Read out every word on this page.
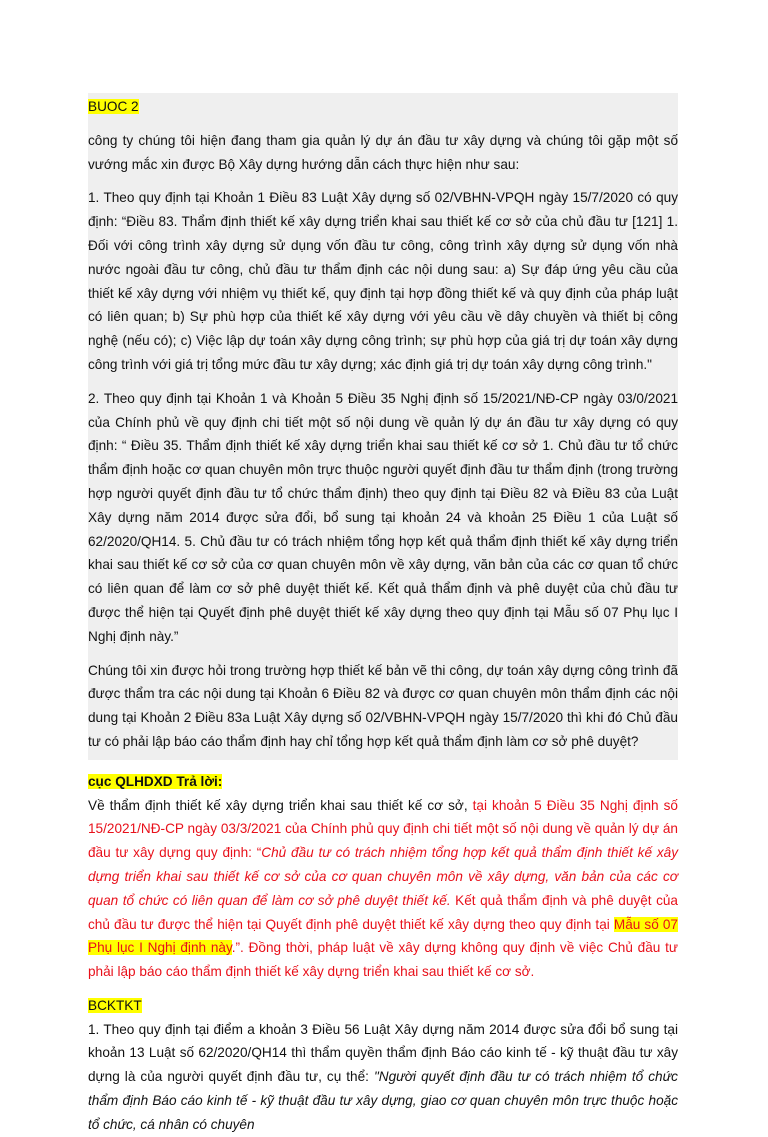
BUOC 2

công ty chúng tôi hiện đang tham gia quản lý dự án đầu tư xây dựng và chúng tôi gặp một số vướng mắc xin được Bộ Xây dựng hướng dẫn cách thực hiện như sau:

1. Theo quy định tại Khoản 1 Điều 83 Luật Xây dựng số 02/VBHN-VPQH ngày 15/7/2020 có quy định: “Điều 83. Thẩm định thiết kế xây dựng triển khai sau thiết kế cơ sở của chủ đầu tư [121] 1. Đối với công trình xây dựng sử dụng vốn đầu tư công, công trình xây dựng sử dụng vốn nhà nước ngoài đầu tư công, chủ đầu tư thẩm định các nội dung sau: a) Sự đáp ứng yêu cầu của thiết kế xây dựng với nhiệm vụ thiết kế, quy định tại hợp đồng thiết kế và quy định của pháp luật có liên quan; b) Sự phù hợp của thiết kế xây dựng với yêu cầu về dây chuyền và thiết bị công nghệ (nếu có); c) Việc lập dự toán xây dựng công trình; sự phù hợp của giá trị dự toán xây dựng công trình với giá trị tổng mức đầu tư xây dựng; xác định giá trị dự toán xây dựng công trình."

2. Theo quy định tại Khoản 1 và Khoản 5 Điều 35 Nghị định số 15/2021/NĐ-CP ngày 03/0/2021 của Chính phủ về quy định chi tiết một số nội dung về quản lý dự án đầu tư xây dựng có quy định: “ Điều 35. Thẩm định thiết kế xây dựng triển khai sau thiết kế cơ sở 1. Chủ đầu tư tổ chức thẩm định hoặc cơ quan chuyên môn trực thuộc người quyết định đầu tư thẩm định (trong trường hợp người quyết định đầu tư tổ chức thẩm định) theo quy định tại Điều 82 và Điều 83 của Luật Xây dựng năm 2014 được sửa đổi, bổ sung tại khoản 24 và khoản 25 Điều 1 của Luật số 62/2020/QH14. 5. Chủ đầu tư có trách nhiệm tổng hợp kết quả thẩm định thiết kế xây dựng triển khai sau thiết kế cơ sở của cơ quan chuyên môn về xây dựng, văn bản của các cơ quan tổ chức có liên quan để làm cơ sở phê duyệt thiết kế. Kết quả thẩm định và phê duyệt của chủ đầu tư được thể hiện tại Quyết định phê duyệt thiết kế xây dựng theo quy định tại Mẫu số 07 Phụ lục I Nghị định này.”

Chúng tôi xin được hỏi trong trường hợp thiết kế bản vẽ thi công, dự toán xây dựng công trình đã được thẩm tra các nội dung tại Khoản 6 Điều 82 và được cơ quan chuyên môn thẩm định các nội dung tại Khoản 2 Điều 83a Luật Xây dựng số 02/VBHN-VPQH ngày 15/7/2020 thì khi đó Chủ đầu tư có phải lập báo cáo thẩm định hay chỉ tổng hợp kết quả thẩm định làm cơ sở phê duyệt?

cục QLHDXD Trả lời:

Về thẩm định thiết kế xây dựng triển khai sau thiết kế cơ sở, tại khoản 5 Điều 35 Nghị định số 15/2021/NĐ-CP ngày 03/3/2021 của Chính phủ quy định chi tiết một số nội dung về quản lý dự án đầu tư xây dựng quy định: “Chủ đầu tư có trách nhiệm tổng hợp kết quả thẩm định thiết kế xây dựng triển khai sau thiết kế cơ sở của cơ quan chuyên môn về xây dựng, văn bản của các cơ quan tổ chức có liên quan để làm cơ sở phê duyệt thiết kế. Kết quả thẩm định và phê duyệt của chủ đầu tư được thể hiện tại Quyết định phê duyệt thiết kế xây dựng theo quy định tại Mẫu số 07 Phụ lục I Nghị định này.”. Đồng thời, pháp luật về xây dựng không quy định về việc Chủ đầu tư phải lập báo cáo thẩm định thiết kế xây dựng triển khai sau thiết kế cơ sở.

BCKTKT

1. Theo quy định tại điểm a khoản 3 Điều 56 Luật Xây dựng năm 2014 được sửa đổi bổ sung tại khoản 13 Luật số 62/2020/QH14 thì thẩm quyền thẩm định Báo cáo kinh tế - kỹ thuật đầu tư xây dựng là của người quyết định đầu tư, cụ thể: "Người quyết định đầu tư có trách nhiệm tổ chức thẩm định Báo cáo kinh tế - kỹ thuật đầu tư xây dựng, giao cơ quan chuyên môn trực thuộc hoặc tổ chức, cá nhân có chuyên
